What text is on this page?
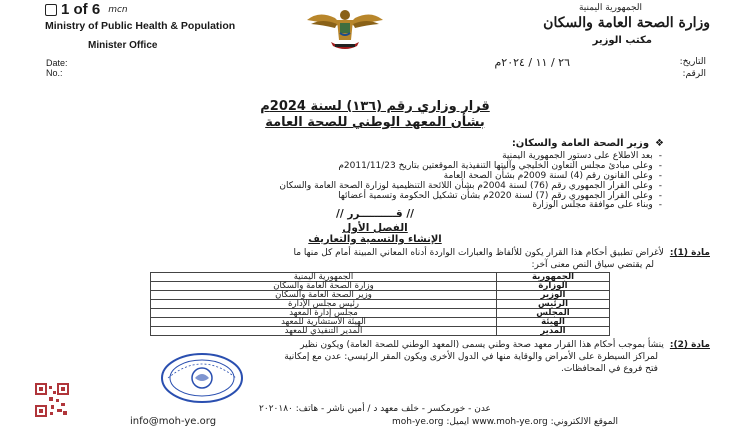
1 of 6 mcn
Ministry of Public Health & Population
Minister Office
Date:
No.:
الجمهورية اليمنية
وزارة الصحة العامة والسكان
مكتب الوزير
التاريخ:
٢٦ / ١١ / ٢٠٢٤م
الرقم:
قرار وزاري رقم (١٣٦) لسنة 2024م
بشأن المعهد الوطني للصحة العامة
❖وزير الصحة العامة والسكان:
-بعد الاطلاع على دستور الجمهورية اليمنية
-وعلى مبادئ مجلس التعاون الخليجي وآليتها التنفيذية الموقعتين بتاريخ 2011/11/23م
-وعلى القانون رقم (4) لسنة 2009م بشأن الصحة العامة
-وعلى القرار الجمهوري رقم (76) لسنة 2004م بشأن اللائحة التنظيمية لوزارة الصحة العامة والسكان
-وعلى القرار الجمهوري رقم (7) لسنة 2020م بشأن تشكيل الحكومة وتسمية أعضائها
-وبناء على موافقة مجلس الوزارة
// قــــــــــرر //
الفصل الأول
الإنشاء والتسمية والتعاريف
مادة (1):لأغراض تطبيق أحكام هذا القرار يكون للألفاظ والعبارات الواردة أدناه المعاني المبينة أمام كل منها ما
لم يقتضي سياق النص معنى آخر:
الجمهورية	الجمهورية اليمنية
الوزارة	وزارة الصحة العامة والسكان
الوزير	وزير الصحة العامة والسكان
الرئيس	رئيس مجلس الإدارة
المجلس	مجلس إدارة المعهد
الهيئة	الهيئة الاستشارية للمعهد
المدير	المدير التنفيذي للمعهد
مادة (2):ينشأ بموجب أحكام هذا القرار معهد صحة وطني يسمى (المعهد الوطني للصحة العامة) ويكون نظير
لمراكز السيطرة على الأمراض والوقاية منها في الدول الأخرى ويكون المقر الرئيسي: عدن مع إمكانية
فتح فروع في المحافظات.
عدن - خورمكسر - خلف معهد د / أمين ناشر - هاتف: ٢٠٢٠١٨٠
info@moh-ye.org	الموقع الالكتروني: www.moh-ye.org ايميل: moh-ye.org
